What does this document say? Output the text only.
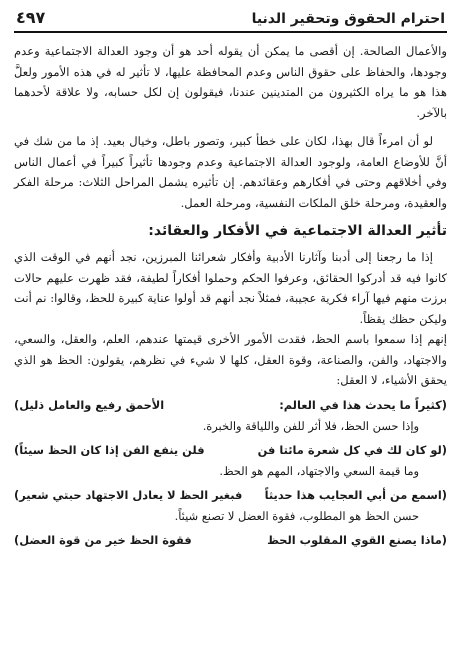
احترام الحقوق وتحقير الدنيا
٤٩٧

والأعمال الصالحة. إن أقصى ما يمكن أن يقوله أحد هو أن وجود العدالة الاجتماعية وعدم وجودها، والحفاظ على حقوق الناس وعدم المحافظة عليها، لا تأثير له في هذه الأمور ولعلَّ هذا هو ما يراه الكثيرون من المتدينين عندنا، فيقولون إن لكل حسابه، ولا علاقة لأحدهما بالآخر.

لو أن امرءاً قال بهذا، لكان على خطأ كبير، وتصور باطل، وخيال بعيد. إذ ما من شك في أنَّ للأوضاع العامة، ولوجود العدالة الاجتماعية وعدم وجودها تأثيراً كبيراً في أعمال الناس وفي أخلاقهم وحتى في أفكارهم وعقائدهم. إن تأثيره يشمل المراحل الثلاث: مرحلة الفكر والعقيدة، ومرحلة خلق الملكات النفسية، ومرحلة العمل.

تأثير العدالة الاجتماعية في الأفكار والعقائد:

إذا ما رجعنا إلى أدبنا وآثارنا الأدبية وأفكار شعرائنا المبرزين، نجد أنهم في الوقت الذي كانوا فيه قد أدركوا الحقائق، وعرفوا الحكم وحملوا أفكاراً لطيفة، فقد ظهرت عليهم حالات برزت منهم فيها آراء فكرية عجيبة، فمثلاً نجد أنهم قد أولوا عناية كبيرة للحظ، وقالوا: نم أنت وليكن حظك يقظاً.

إنهم إذا سمعوا باسم الحظ، فقدت الأمور الأخرى قيمتها عندهم، العلم، والعقل، والسعي، والاجتهاد، والفن، والصناعة، وقوة العقل، كلها لا شيء في نظرهم، يقولون: الحظ هو الذي يحقق الأشياء، لا العقل:

(كثيراً ما يحدث هذا في العالم:
الأحمق رفيع والعامل ذليل)
وإذا حسن الحظ، فلا أثر للفن واللياقة والخبرة.
(لو كان لك في كل شعرة مائتا فن
فلن ينفع الفن إذا كان الحظ سيئاً)
وما قيمة السعي والاجتهاد، المهم هو الحظ.
(اسمع من أبي العجايب هذا حديثاً
فبغير الحظ لا يعادل الاجتهاد حبتي شعير)
حسن الحظ هو المطلوب، فقوة العضل لا تصنع شيئاً.
(ماذا يصنع القوي المقلوب الحظ
فقوة الحظ خير من قوة العضل)
